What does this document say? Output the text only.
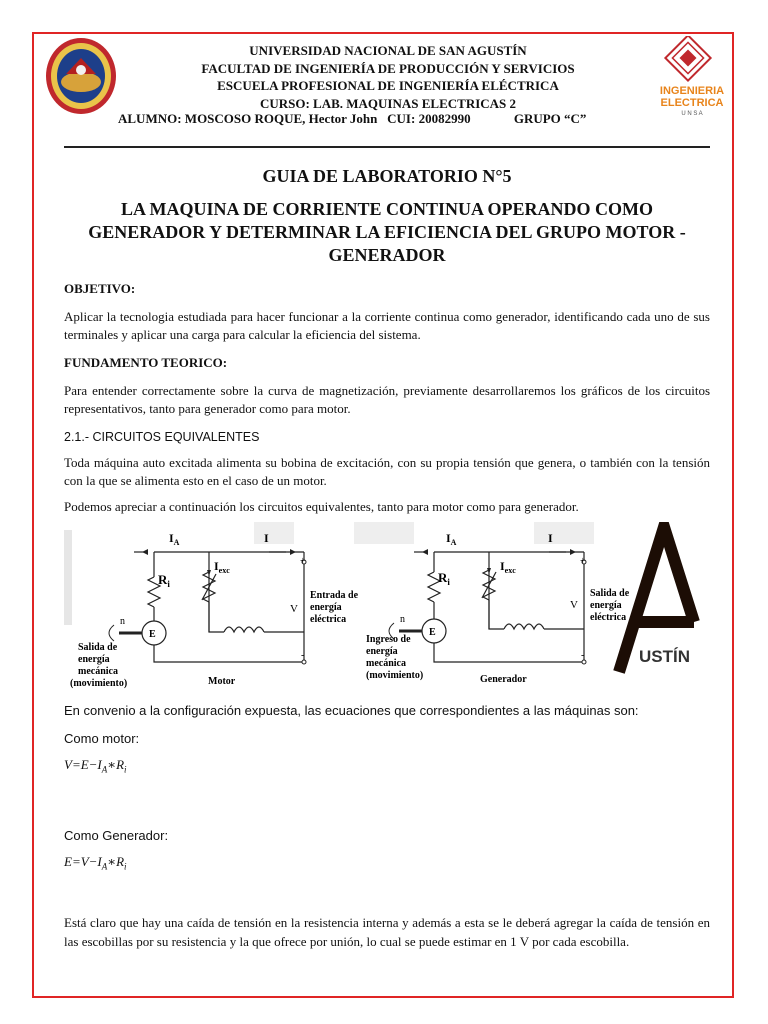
UNIVERSIDAD NACIONAL DE SAN AGUSTÍN
FACULTAD DE INGENIERÍA DE PRODUCCIÓN Y SERVICIOS
ESCUELA PROFESIONAL DE INGENIERÍA ELÉCTRICA
CURSO: LAB. MAQUINAS ELECTRICAS 2
ALUMNO: MOSCOSO ROQUE, Hector John CUI: 20082990	GRUPO “C”
INGENIERIA
ELECTRICA
U N S A
GUIA DE LABORATORIO N°5
LA MAQUINA DE CORRIENTE CONTINUA OPERANDO COMO GENERADOR Y DETERMINAR LA EFICIENCIA DEL GRUPO MOTOR - GENERADOR
OBJETIVO:

Aplicar la tecnologia estudiada para hacer funcionar a la corriente continua como generador, identificando cada uno de sus terminales y aplicar una carga para calcular la eficiencia del sistema.

FUNDAMENTO TEORICO:

Para entender correctamente sobre la curva de magnetización, previamente desarrollaremos los gráficos de los circuitos representativos, tanto para generador como para motor.

2.1.- CIRCUITOS EQUIVALENTES

Toda máquina auto excitada alimenta su bobina de excitación, con su propia tensión que genera, o también con la tensión con la que se alimenta esto en el caso de un motor.

Podemos apreciar a continuación los circuitos equivalentes, tanto para motor como para generador.

USTÍN
E
n
$I_A$	I
$R_i$
$I_{exc}$
+
-
V
Entrada de
energía
eléctrica
Salida de
energía
mecánica
(movimiento)	Motor
E
n
$I_A$	I
$R_i$
$I_{exc}$
+
-
V
Salida de
energía
eléctrica
Ingreso de
energía
mecánica
(movimiento)	Generador

En convenio a la configuración expuesta, las ecuaciones que correspondientes a las máquinas son:

Como motor:

$V=E-I_A∗R_i$

Como Generador:

$E=V-I_A∗R_i$

Está claro que hay una caída de tensión en la resistencia interna y además a esta se le deberá agregar la caída de tensión en las escobillas por su resistencia y la que ofrece por unión, lo cual se puede estimar en 1 V por cada escobilla.
